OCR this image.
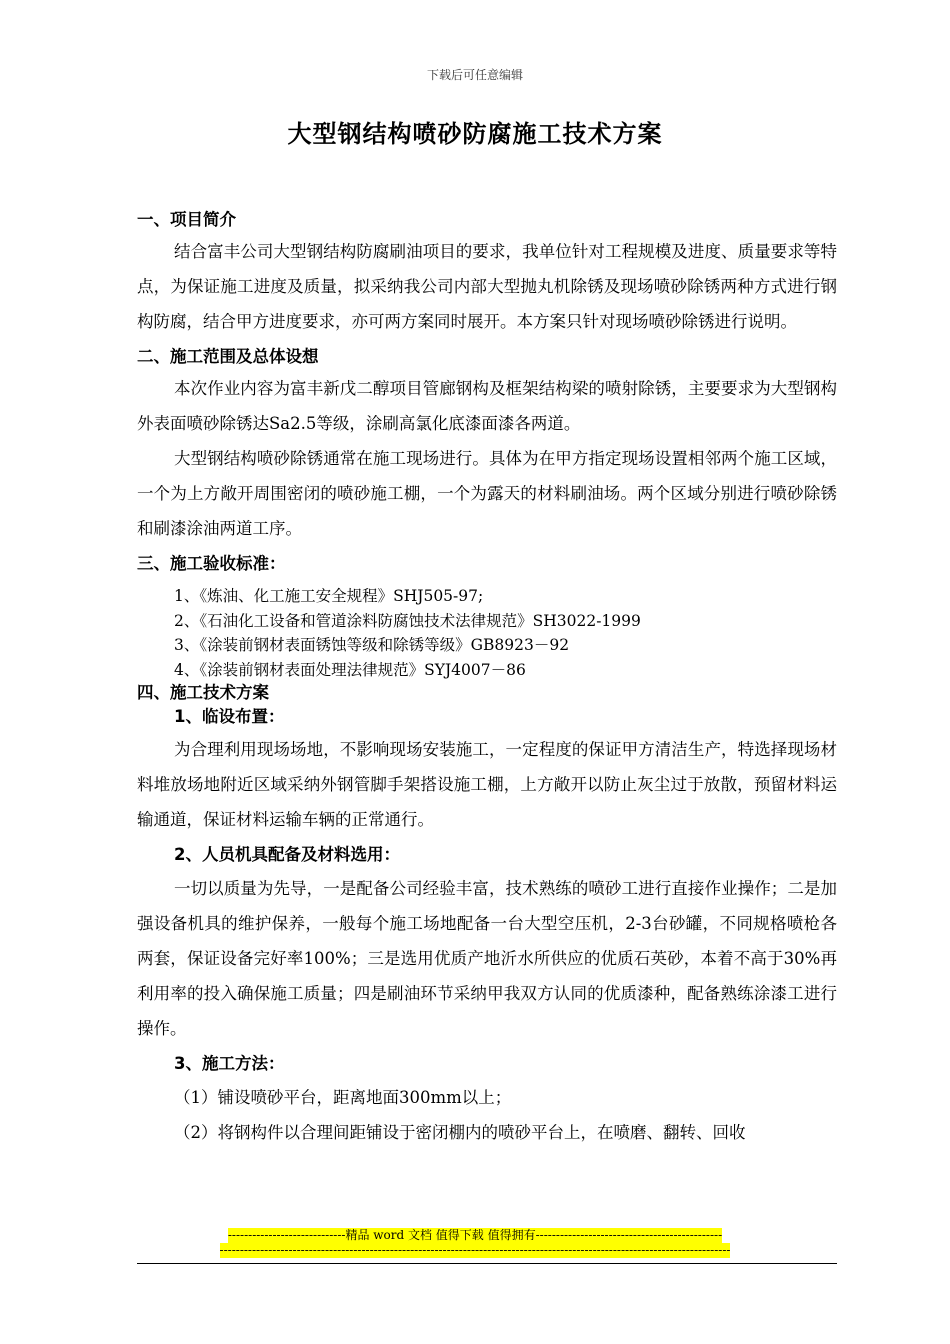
下载后可任意编辑
大型钢结构喷砂防腐施工技术方案
一、项目简介

结合富丰公司大型钢结构防腐刷油项目的要求，我单位针对工程规模及进度、质量要求等特点，为保证施工进度及质量，拟采纳我公司内部大型抛丸机除锈及现场喷砂除锈两种方式进行钢构防腐，结合甲方进度要求，亦可两方案同时展开。本方案只针对现场喷砂除锈进行说明。

二、施工范围及总体设想

本次作业内容为富丰新戊二醇项目管廊钢构及框架结构梁的喷射除锈，主要要求为大型钢构外表面喷砂除锈达Sa2.5等级，涂刷高氯化底漆面漆各两道。

大型钢结构喷砂除锈通常在施工现场进行。具体为在甲方指定现场设置相邻两个施工区域，一个为上方敞开周围密闭的喷砂施工棚，一个为露天的材料刷油场。两个区域分别进行喷砂除锈和刷漆涂油两道工序。

三、施工验收标准：
1、《炼油、化工施工安全规程》SHJ505-97;
2、《石油化工设备和管道涂料防腐蚀技术法律规范》SH3022-1999
3、《涂装前钢材表面锈蚀等级和除锈等级》GB8923－92
4、《涂装前钢材表面处理法律规范》SYJ4007－86
四、施工技术方案
1、临设布置：

为合理利用现场场地，不影响现场安装施工，一定程度的保证甲方清洁生产，特选择现场材料堆放场地附近区域采纳外钢管脚手架搭设施工棚，上方敞开以防止灰尘过于放散，预留材料运输通道，保证材料运输车辆的正常通行。

2、人员机具配备及材料选用：

一切以质量为先导，一是配备公司经验丰富，技术熟练的喷砂工进行直接作业操作；二是加强设备机具的维护保养，一般每个施工场地配备一台大型空压机，2-3台砂罐，不同规格喷枪各两套，保证设备完好率100%；三是选用优质产地沂水所供应的优质石英砂，本着不高于30%再利用率的投入确保施工质量；四是刷油环节采纳甲我双方认同的优质漆种，配备熟练涂漆工进行操作。

3、施工方法：

（1）铺设喷砂平台，距离地面300mm以上；

（2）将钢构件以合理间距铺设于密闭棚内的喷砂平台上，在喷磨、翻转、回收

-----------------------------精品 word 文档 值得下载 值得拥有----------------------------------------------
------------------------------------------------------------------------------------------------------------------------------
